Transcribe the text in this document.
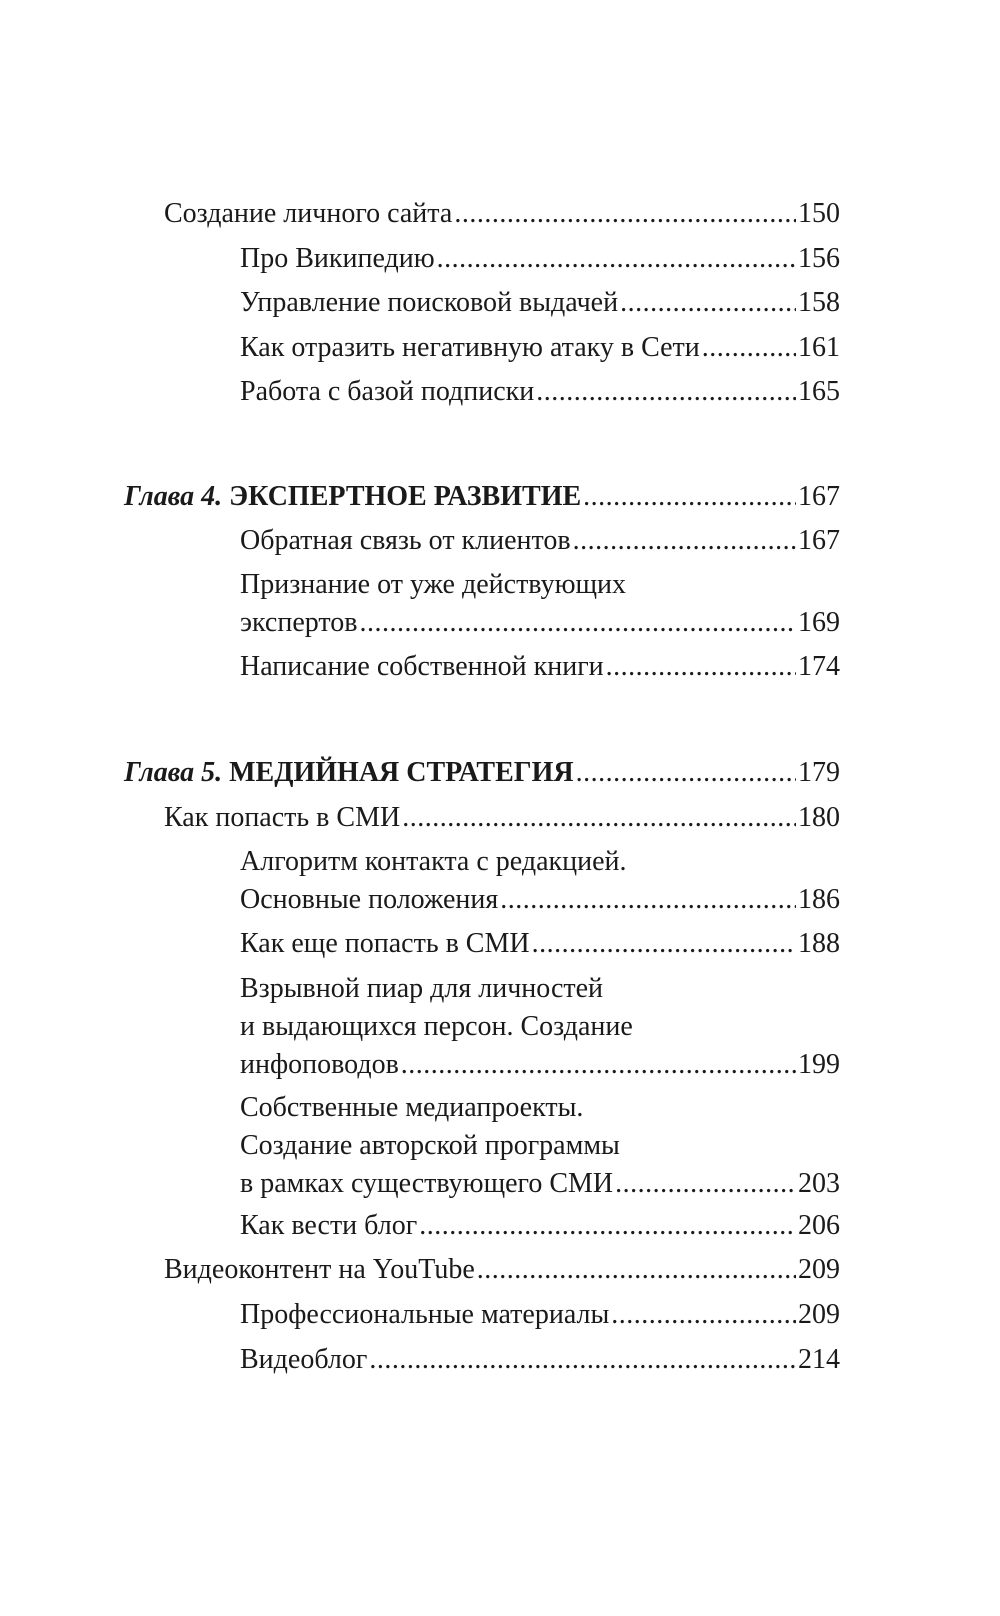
Создание личного сайта .....	150
Про Википедию .....	156
Управление поисковой выдачей .....	158
Как отразить негативную атаку в Сети .....	161
Работа с базой подписки .....	165
Глава 4. ЭКСПЕРТНОЕ РАЗВИТИЕ .....	167
Обратная связь от клиентов .....	167
Признание от уже действующих
экспертов .....	169
Написание собственной книги .....	174
Глава 5. МЕДИЙНАЯ СТРАТЕГИЯ .....	179
Как попасть в СМИ .....	180
Алгоритм контакта с редакцией.
Основные положения .....	186
Как еще попасть в СМИ .....	188
Взрывной пиар для личностей
и выдающихся персон. Создание
инфоповодов .....	199
Собственные медиапроекты.
Создание авторской программы
в рамках существующего СМИ .....	203
Как вести блог .....	206
Видеоконтент на YouTube .....	209
Профессиональные материалы .....	209
Видеоблог .....	214
